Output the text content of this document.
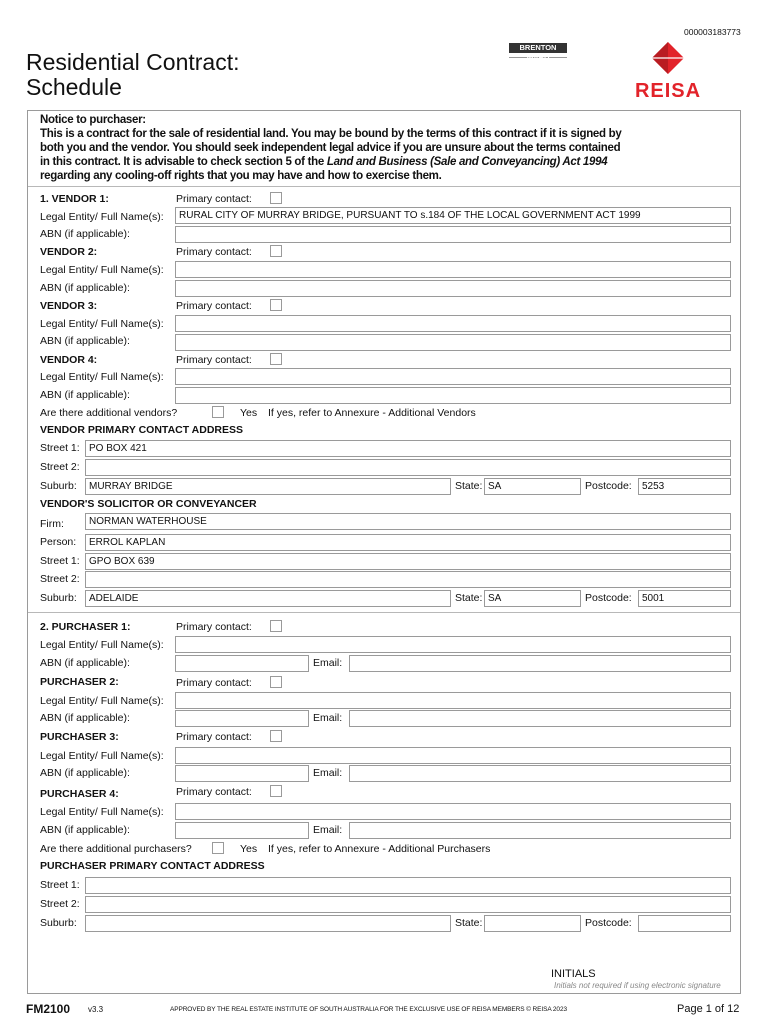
000003183773
Residential Contract:
Schedule
BRENTON WARD
REISA
Notice to purchaser:
This is a contract for the sale of residential land. You may be bound by the terms of this contract if it is signed by
both you and the vendor. You should seek independent legal advice if you are unsure about the terms contained
in this contract. It is advisable to check section 5 of the Land and Business (Sale and Conveyancing) Act 1994
regarding any cooling-off rights that you may have and how to exercise them.
1. VENDOR 1:	Primary contact:
Legal Entity/ Full Name(s):	RURAL CITY OF MURRAY BRIDGE, PURSUANT TO s.184 OF THE LOCAL GOVERNMENT ACT 1999
ABN (if applicable):
VENDOR 2:	Primary contact:
Legal Entity/ Full Name(s):
ABN (if applicable):
VENDOR 3:	Primary contact:
Legal Entity/ Full Name(s):
ABN (if applicable):
VENDOR 4:	Primary contact:
Legal Entity/ Full Name(s):
ABN (if applicable):
Are there additional vendors?	Yes If yes, refer to Annexure - Additional Vendors
VENDOR PRIMARY CONTACT ADDRESS
Street 1: PO BOX 421
Street 2:
Suburb:	MURRAY BRIDGE	State: SA	Postcode:	5253
VENDOR'S SOLICITOR OR CONVEYANCER
Firm:	NORMAN WATERHOUSE
Person:	ERROL KAPLAN
Street 1: GPO BOX 639
Street 2:
Suburb:	ADELAIDE	State: SA	Postcode:	5001
2. PURCHASER 1:	Primary contact:
Legal Entity/ Full Name(s):
ABN (if applicable):	Email:
PURCHASER 2:	Primary contact:
Legal Entity/ Full Name(s):
ABN (if applicable):	Email:
PURCHASER 3:	Primary contact:
Legal Entity/ Full Name(s):
ABN (if applicable):	Email:
PURCHASER 4:	Primary contact:
Legal Entity/ Full Name(s):
ABN (if applicable):	Email:
Are there additional purchasers?	Yes If yes, refer to Annexure - Additional Purchasers
PURCHASER PRIMARY CONTACT ADDRESS
Street 1:
Street 2:
Suburb:	State:	Postcode:
INITIALS
Initials not required if using electronic signature
FM2100 v3.3	APPROVED BY THE REAL ESTATE INSTITUTE OF SOUTH AUSTRALIA FOR THE EXCLUSIVE USE OF REISA MEMBERS © REISA 2023	Page 1 of 12
